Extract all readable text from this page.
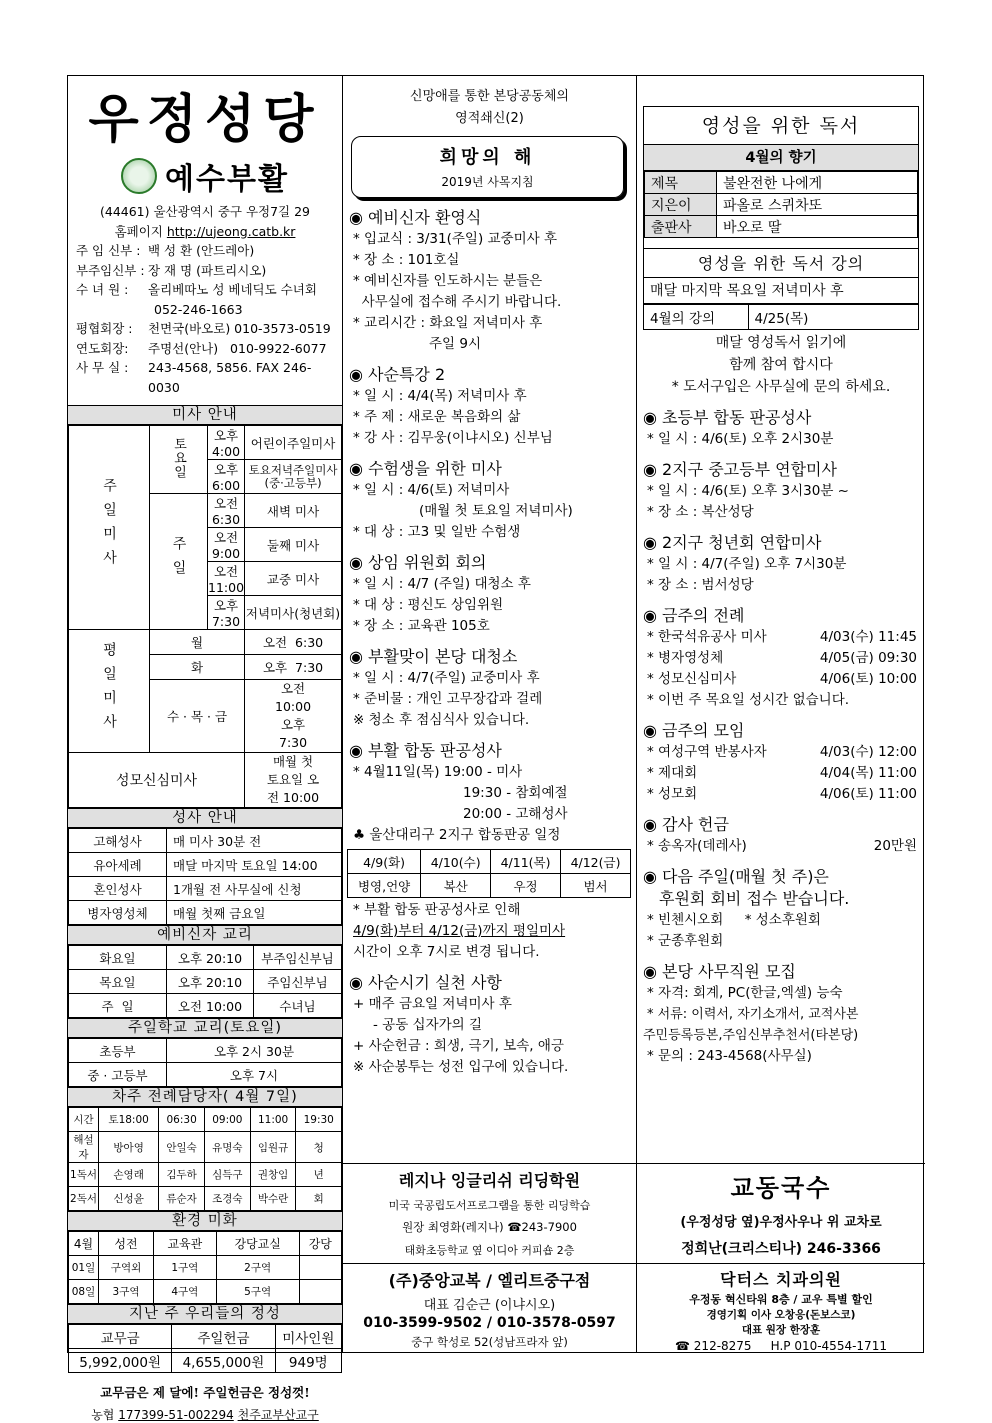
우정성당
예수부활
(44461) 울산광역시 중구 우정7길 29
홈페이지 http://ujeong.catb.kr
주 임 신부 : 백 성 환 (안드레아)
부주임신부 : 장 재 명 (파트리시오)
수 녀 원 :	올리베따노 성 베네딕도 수녀회
052-246-1663
평협회장 :	천면국(바오로) 010-3573-0519
연도회장:	주명선(안나)   010-9922-6077
사 무 실 :	243-4568, 5856. FAX 246-0030
미사 안내
주일미사	토요일	오후 4:00	어린이주일미사
		오후 6:00	토요저녁주일미사 (중·고등부)
	주일	오전 6:30	새벽 미사
		오전 9:00	둘째 미사
		오전11:00	교중 미사
		오후 7:30	저녁미사(청년회)
평일미사	월		오전  6:30
	화		오후  7:30
	수 · 목 · 금		오전 10:00 오후  7:30
성모신심미사			매월 첫 토요일 오전 10:00
성사 안내
고해성사	매 미사 30분 전
유아세례	매달 마지막 토요일 14:00
혼인성사	1개월 전 사무실에 신청
병자영성체	매월 첫째 금요일
예비신자 교리
화요일	오후 20:10	부주임신부님
목요일	오후 20:10	주임신부님
주  일	오전 10:00	수녀님
주일학교 교리(토요일)
초등부	오후 2시 30분
중 · 고등부	오후 7시
차주 전례담당자( 4월 7일)
시간	토18:00	06:30	09:00	11:00	19:30
해설자	방아영	안일숙	유명숙	임원규	청
1독서	손영래	김두하	심득구	권창임	년
2독서	신성윤	류순자	조경숙	박수란	회
환경 미화
4월	성전	교육관	강당교실	강당
01일	구역외	1구역	2구역	
08일	3구역	4구역	5구역	
지난 주 우리들의 정성
교무금	주일헌금	미사인원
5,992,000원	4,655,000원	949명
교무금은 제 달에! 주일헌금은 정성껏!
농협 177399-51-002294 천주교부산교구
신망애를 통한 본당공동체의
영적쇄신(2)
희망의 해
2019년 사목지침
◉ 예비신자 환영식

* 입교식 : 3/31(주일) 교중미사 후

* 장 소 : 101호실

* 예비신자를 인도하시는 분들은

사무실에 접수해 주시기 바랍니다.

* 교리시간 : 화요일 저녁미사 후

주일 9시

◉ 사순특강 2

* 일 시 : 4/4(목) 저녁미사 후

* 주 제 : 새로운 복음화의 삶

* 강 사 : 김무웅(이냐시오) 신부님

◉ 수험생을 위한 미사

* 일 시 : 4/6(토) 저녁미사

(매월 첫 토요일 저녁미사)

* 대 상 : 고3 및 일반 수험생

◉ 상임 위원회 회의

* 일 시 : 4/7 (주일) 대청소 후

* 대 상 : 평신도 상임위원

* 장 소 : 교육관 105호

◉ 부활맞이 본당 대청소

* 일 시 : 4/7(주일) 교중미사 후

* 준비물 : 개인 고무장갑과 걸레

※ 청소 후 점심식사 있습니다.

◉ 부활 합동 판공성사

* 4월11일(목) 19:00 - 미사

19:30 - 참회예절

20:00 - 고해성사

♣ 울산대리구 2지구 합동판공 일정

4/9(화)	4/10(수)	4/11(목)	4/12(금)
병영,언양	복산	우정	범서

* 부활 합동 판공성사로 인해

4/9(화)부터 4/12(금)까지 평일미사

시간이 오후 7시로 변경 됩니다.

◉ 사순시기 실천 사항

+ 매주 금요일 저녁미사 후

- 공동 십자가의 길

+ 사순헌금 : 희생, 극기, 보속, 애긍

※ 사순봉투는 성전 입구에 있습니다.

레지나 잉글리쉬 리딩학원
미국 국공립도서프로그램을 통한 리딩학습
원장 최영화(레지나) ☎243-7900
태화초등학교 옆 이디아 커피숍 2층
(주)중앙교복 / 엘리트중구점
대표 김순근 (이냐시오)
010-3599-9502 / 010-3578-0597
중구 학성로 52(성남프라자 앞)
영성을 위한 독서
4월의 향기
제목	불완전한 나에게
지은이	파올로 스퀴차또
출판사	바오로 딸
영성을 위한 독서 강의
매달 마지막 목요일 저녁미사 후
4월의 강의	4/25(목)
매달 영성독서 읽기에
함께 참여 합시다
* 도서구입은 사무실에 문의 하세요.
◉ 초등부 합동 판공성사

* 일 시 : 4/6(토) 오후 2시30분

◉ 2지구 중고등부 연합미사

* 일 시 : 4/6(토) 오후 3시30분 ~

* 장 소 : 복산성당

◉ 2지구 청년회 연합미사

* 일 시 : 4/7(주일) 오후 7시30분

* 장 소 : 범서성당

◉ 금주의 전례

* 한국석유공사 미사	4/03(수) 11:45

* 병자영성체	4/05(금) 09:30

* 성모신심미사	4/06(토) 10:00

* 이번 주 목요일 성시간 없습니다.

◉ 금주의 모임

* 여성구역 반봉사자	4/03(수) 12:00

* 제대회	4/04(목) 11:00

* 성모회	4/06(토) 11:00

◉ 감사 헌금

* 송옥자(데레사)	20만원

◉ 다음 주일(매월 첫 주)은
후원회 회비 접수 받습니다.

* 빈첸시오회     * 성소후원회

* 군종후원회

◉ 본당 사무직원 모집

* 자격: 회계, PC(한글,엑셀) 능숙

* 서류: 이력서, 자기소개서, 교적사본

주민등록등본,주임신부추천서(타본당)

* 문의 : 243-4568(사무실)

교동국수
(우정성당 옆)우정사우나 위 교차로
정희난(크리스티나) 246-3366
닥터스 치과의원
우정동 혁신타워 8층 / 교우 특별 할인
경영기획 이사 오창응(돈보스코)
대표 원장 한장훈
☎ 212-8275     H.P 010-4554-1711
